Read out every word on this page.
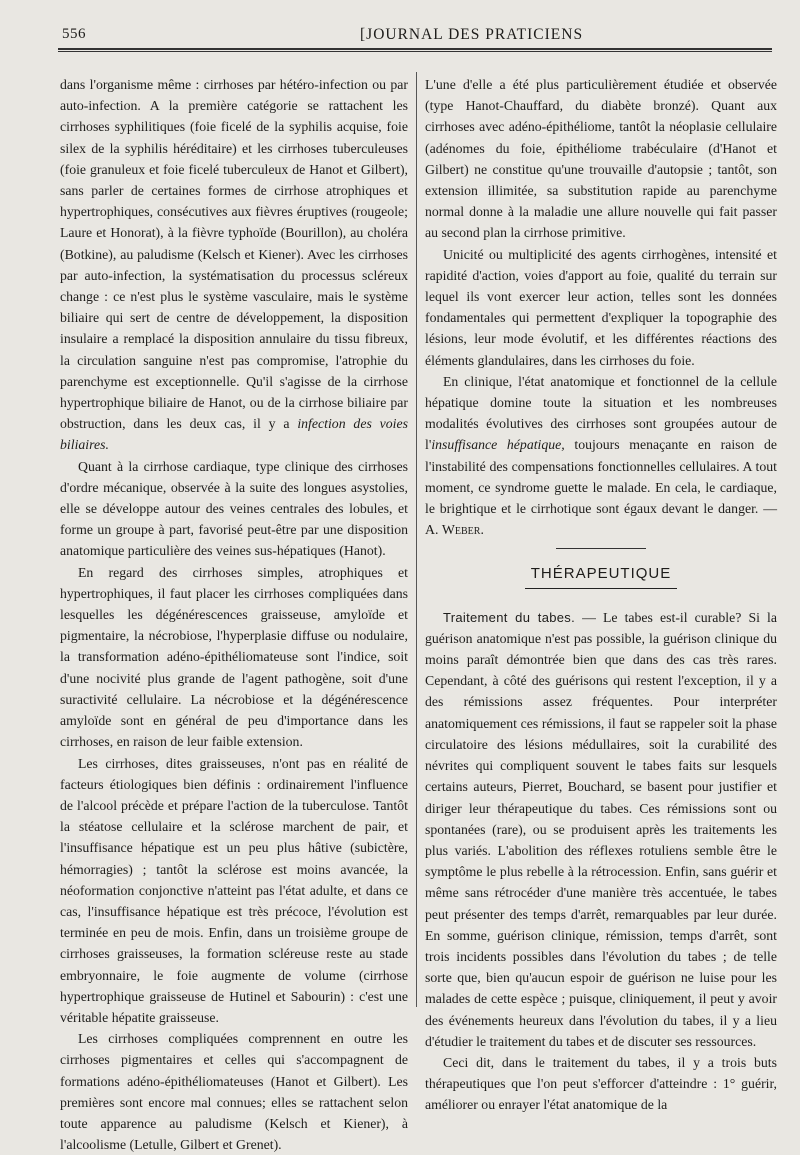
556	[JOURNAL DES PRATICIENS

dans l'organisme même : cirrhoses par hétéro-infection ou par auto-infection. A la première catégorie se rattachent les cirrhoses syphilitiques (foie ficelé de la syphilis acquise, foie silex de la syphilis héréditaire) et les cirrhoses tuberculeuses (foie granuleux et foie ficelé tuberculeux de Hanot et Gilbert), sans parler de certaines formes de cirrhose atrophiques et hypertrophiques, consécutives aux fièvres éruptives (rougeole; Laure et Honorat), à la fièvre typhoïde (Bourillon), au choléra (Botkine), au paludisme (Kelsch et Kiener). Avec les cirrhoses par auto-infection, la systématisation du processus scléreux change : ce n'est plus le système vasculaire, mais le système biliaire qui sert de centre de développement, la disposition insulaire a remplacé la disposition annulaire du tissu fibreux, la circulation sanguine n'est pas compromise, l'atrophie du parenchyme est exceptionnelle. Qu'il s'agisse de la cirrhose hypertrophique biliaire de Hanot, ou de la cirrhose biliaire par obstruction, dans les deux cas, il y a infection des voies biliaires.

Quant à la cirrhose cardiaque, type clinique des cirrhoses d'ordre mécanique, observée à la suite des longues asystolies, elle se développe autour des veines centrales des lobules, et forme un groupe à part, favorisé peut-être par une disposition anatomique particulière des veines sus-hépatiques (Hanot).

En regard des cirrhoses simples, atrophiques et hypertrophiques, il faut placer les cirrhoses compliquées dans lesquelles les dégénérescences graisseuse, amyloïde et pigmentaire, la nécrobiose, l'hyperplasie diffuse ou nodulaire, la transformation adéno-épithéliomateuse sont l'indice, soit d'une nocivité plus grande de l'agent pathogène, soit d'une suractivité cellulaire. La nécrobiose et la dégénérescence amyloïde sont en général de peu d'importance dans les cirrhoses, en raison de leur faible extension.

Les cirrhoses, dites graisseuses, n'ont pas en réalité de facteurs étiologiques bien définis : ordinairement l'influence de l'alcool précède et prépare l'action de la tuberculose. Tantôt la stéatose cellulaire et la sclérose marchent de pair, et l'insuffisance hépatique est un peu plus hâtive (subictère, hémorragies) ; tantôt la sclérose est moins avancée, la néoformation conjonctive n'atteint pas l'état adulte, et dans ce cas, l'insuffisance hépatique est très précoce, l'évolution est terminée en peu de mois. Enfin, dans un troisième groupe de cirrhoses graisseuses, la formation scléreuse reste au stade embryonnaire, le foie augmente de volume (cirrhose hypertrophique graisseuse de Hutinel et Sabourin) : c'est une véritable hépatite graisseuse.

Les cirrhoses compliquées comprennent en outre les cirrhoses pigmentaires et celles qui s'accompagnent de formations adéno-épithéliomateuses (Hanot et Gilbert). Les premières sont encore mal connues; elles se rattachent selon toute apparence au paludisme (Kelsch et Kiener), à l'alcoolisme (Letulle, Gilbert et Grenet).

L'une d'elle a été plus particulièrement étudiée et observée (type Hanot-Chauffard, du diabète bronzé). Quant aux cirrhoses avec adéno-épithéliome, tantôt la néoplasie cellulaire (adénomes du foie, épithéliome trabéculaire (d'Hanot et Gilbert) ne constitue qu'une trouvaille d'autopsie ; tantôt, son extension illimitée, sa substitution rapide au parenchyme normal donne à la maladie une allure nouvelle qui fait passer au second plan la cirrhose primitive.

Unicité ou multiplicité des agents cirrhogènes, intensité et rapidité d'action, voies d'apport au foie, qualité du terrain sur lequel ils vont exercer leur action, telles sont les données fondamentales qui permettent d'expliquer la topographie des lésions, leur mode évolutif, et les différentes réactions des éléments glandulaires, dans les cirrhoses du foie.

En clinique, l'état anatomique et fonctionnel de la cellule hépatique domine toute la situation et les nombreuses modalités évolutives des cirrhoses sont groupées autour de l'insuffisance hépatique, toujours menaçante en raison de l'instabilité des compensations fonctionnelles cellulaires. A tout moment, ce syndrome guette le malade. En cela, le cardiaque, le brightique et le cirrhotique sont égaux devant le danger. — A. Weber.

THÉRAPEUTIQUE

Traitement du tabes. — Le tabes est-il curable? Si la guérison anatomique n'est pas possible, la guérison clinique du moins paraît démontrée bien que dans des cas très rares. Cependant, à côté des guérisons qui restent l'exception, il y a des rémissions assez fréquentes. Pour interpréter anatomiquement ces rémissions, il faut se rappeler soit la phase circulatoire des lésions médullaires, soit la curabilité des névrites qui compliquent souvent le tabes faits sur lesquels certains auteurs, Pierret, Bouchard, se basent pour justifier et diriger leur thérapeutique du tabes. Ces rémissions sont ou spontanées (rare), ou se produisent après les traitements les plus variés. L'abolition des réflexes rotuliens semble être le symptôme le plus rebelle à la rétrocession. Enfin, sans guérir et même sans rétrocéder d'une manière très accentuée, le tabes peut présenter des temps d'arrêt, remarquables par leur durée. En somme, guérison clinique, rémission, temps d'arrêt, sont trois incidents possibles dans l'évolution du tabes ; de telle sorte que, bien qu'aucun espoir de guérison ne luise pour les malades de cette espèce ; puisque, cliniquement, il peut y avoir des événements heureux dans l'évolution du tabes, il y a lieu d'étudier le traitement du tabes et de discuter ses ressources.

Ceci dit, dans le traitement du tabes, il y a trois buts thérapeutiques que l'on peut s'efforcer d'atteindre : 1° guérir, améliorer ou enrayer l'état anatomique de la
